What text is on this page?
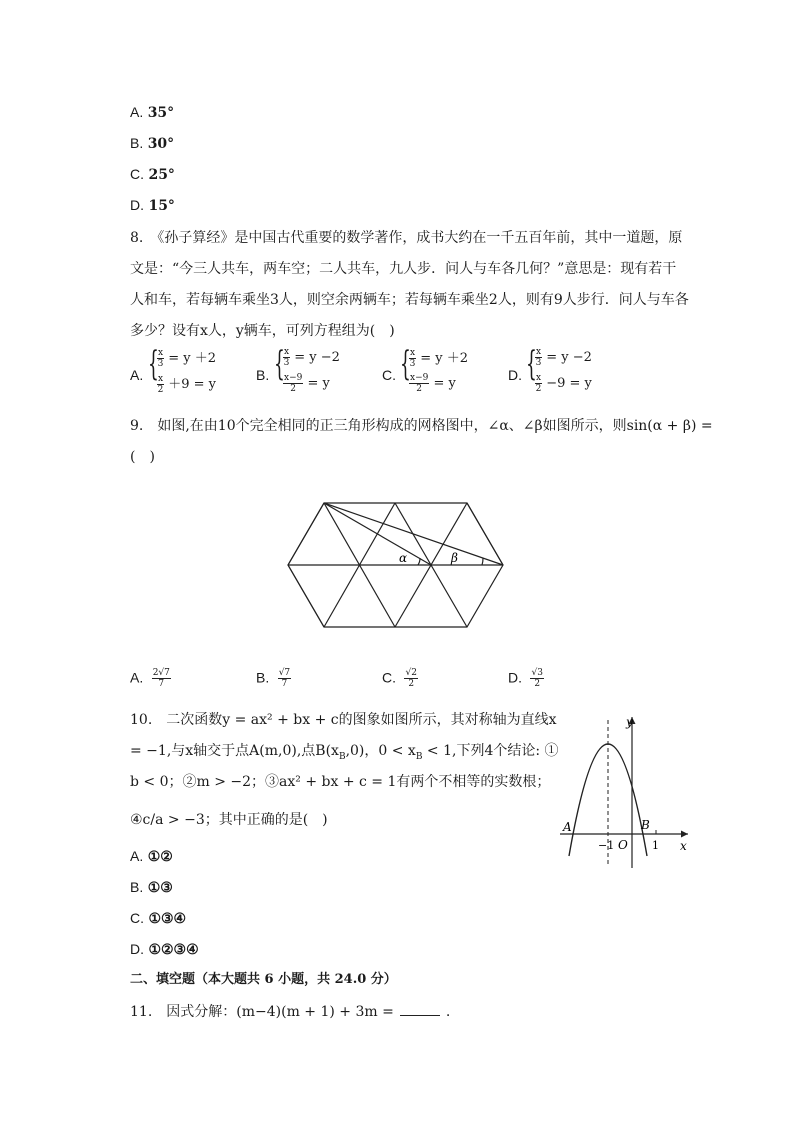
A. 35°
B. 30°
C. 25°
D. 15°
8.　《孙子算经》是中国古代重要的数学著作，成书大约在一千五百年前，其中一道题，原
文是：“今三人共车，两车空；二人共车，九人步．问人与车各几何？”意思是：现有若干
人和车，若每辆车乘坐3人，则空余两辆车；若每辆车乘坐2人，则有9人步行．问人与车各
多少？设有x人，y辆车，可列方程组为(　)
A. {
$\frac{x}{3} = y +2$
$\frac{x}{2} +9 = y$
B. {
$\frac{x}{3} = y -2$
$\frac{x-9}{2} = y$
C. {
$\frac{x}{3} = y +2$
$\frac{x-9}{2} = y$
D. {
$\frac{x}{3} = y -2$
$\frac{x}{2} -9 = y$
9.　如图,在由10个完全相同的正三角形构成的网格图中，∠α、∠β如图所示，则sin(α + β) =
(　)
α	β
A. $\frac{2√7}{7}$	B. $\frac{√7}{7}$	C. $\frac{√2}{2}$	D. $\frac{√3}{2}$
10.　二次函数y = ax² + bx + c的图象如图所示，其对称轴为直线x
= −1,与x轴交于点A(m,0),点$B(x_B,0)$，$0 < x_B < 1$,下列4个结论: ①
b < 0；②m > −2；③ax² + bx + c = 1有两个不相等的实数根；
④c/a > −3；其中正确的是(　)
y
x
A	B
−1 O 1
A. ①②
B. ①③
C. ①③④
D. ①②③④
二、填空题（本大题共 6 小题，共 24.0 分）
11.　因式分解：(m−4)(m + 1) + 3m =	.
